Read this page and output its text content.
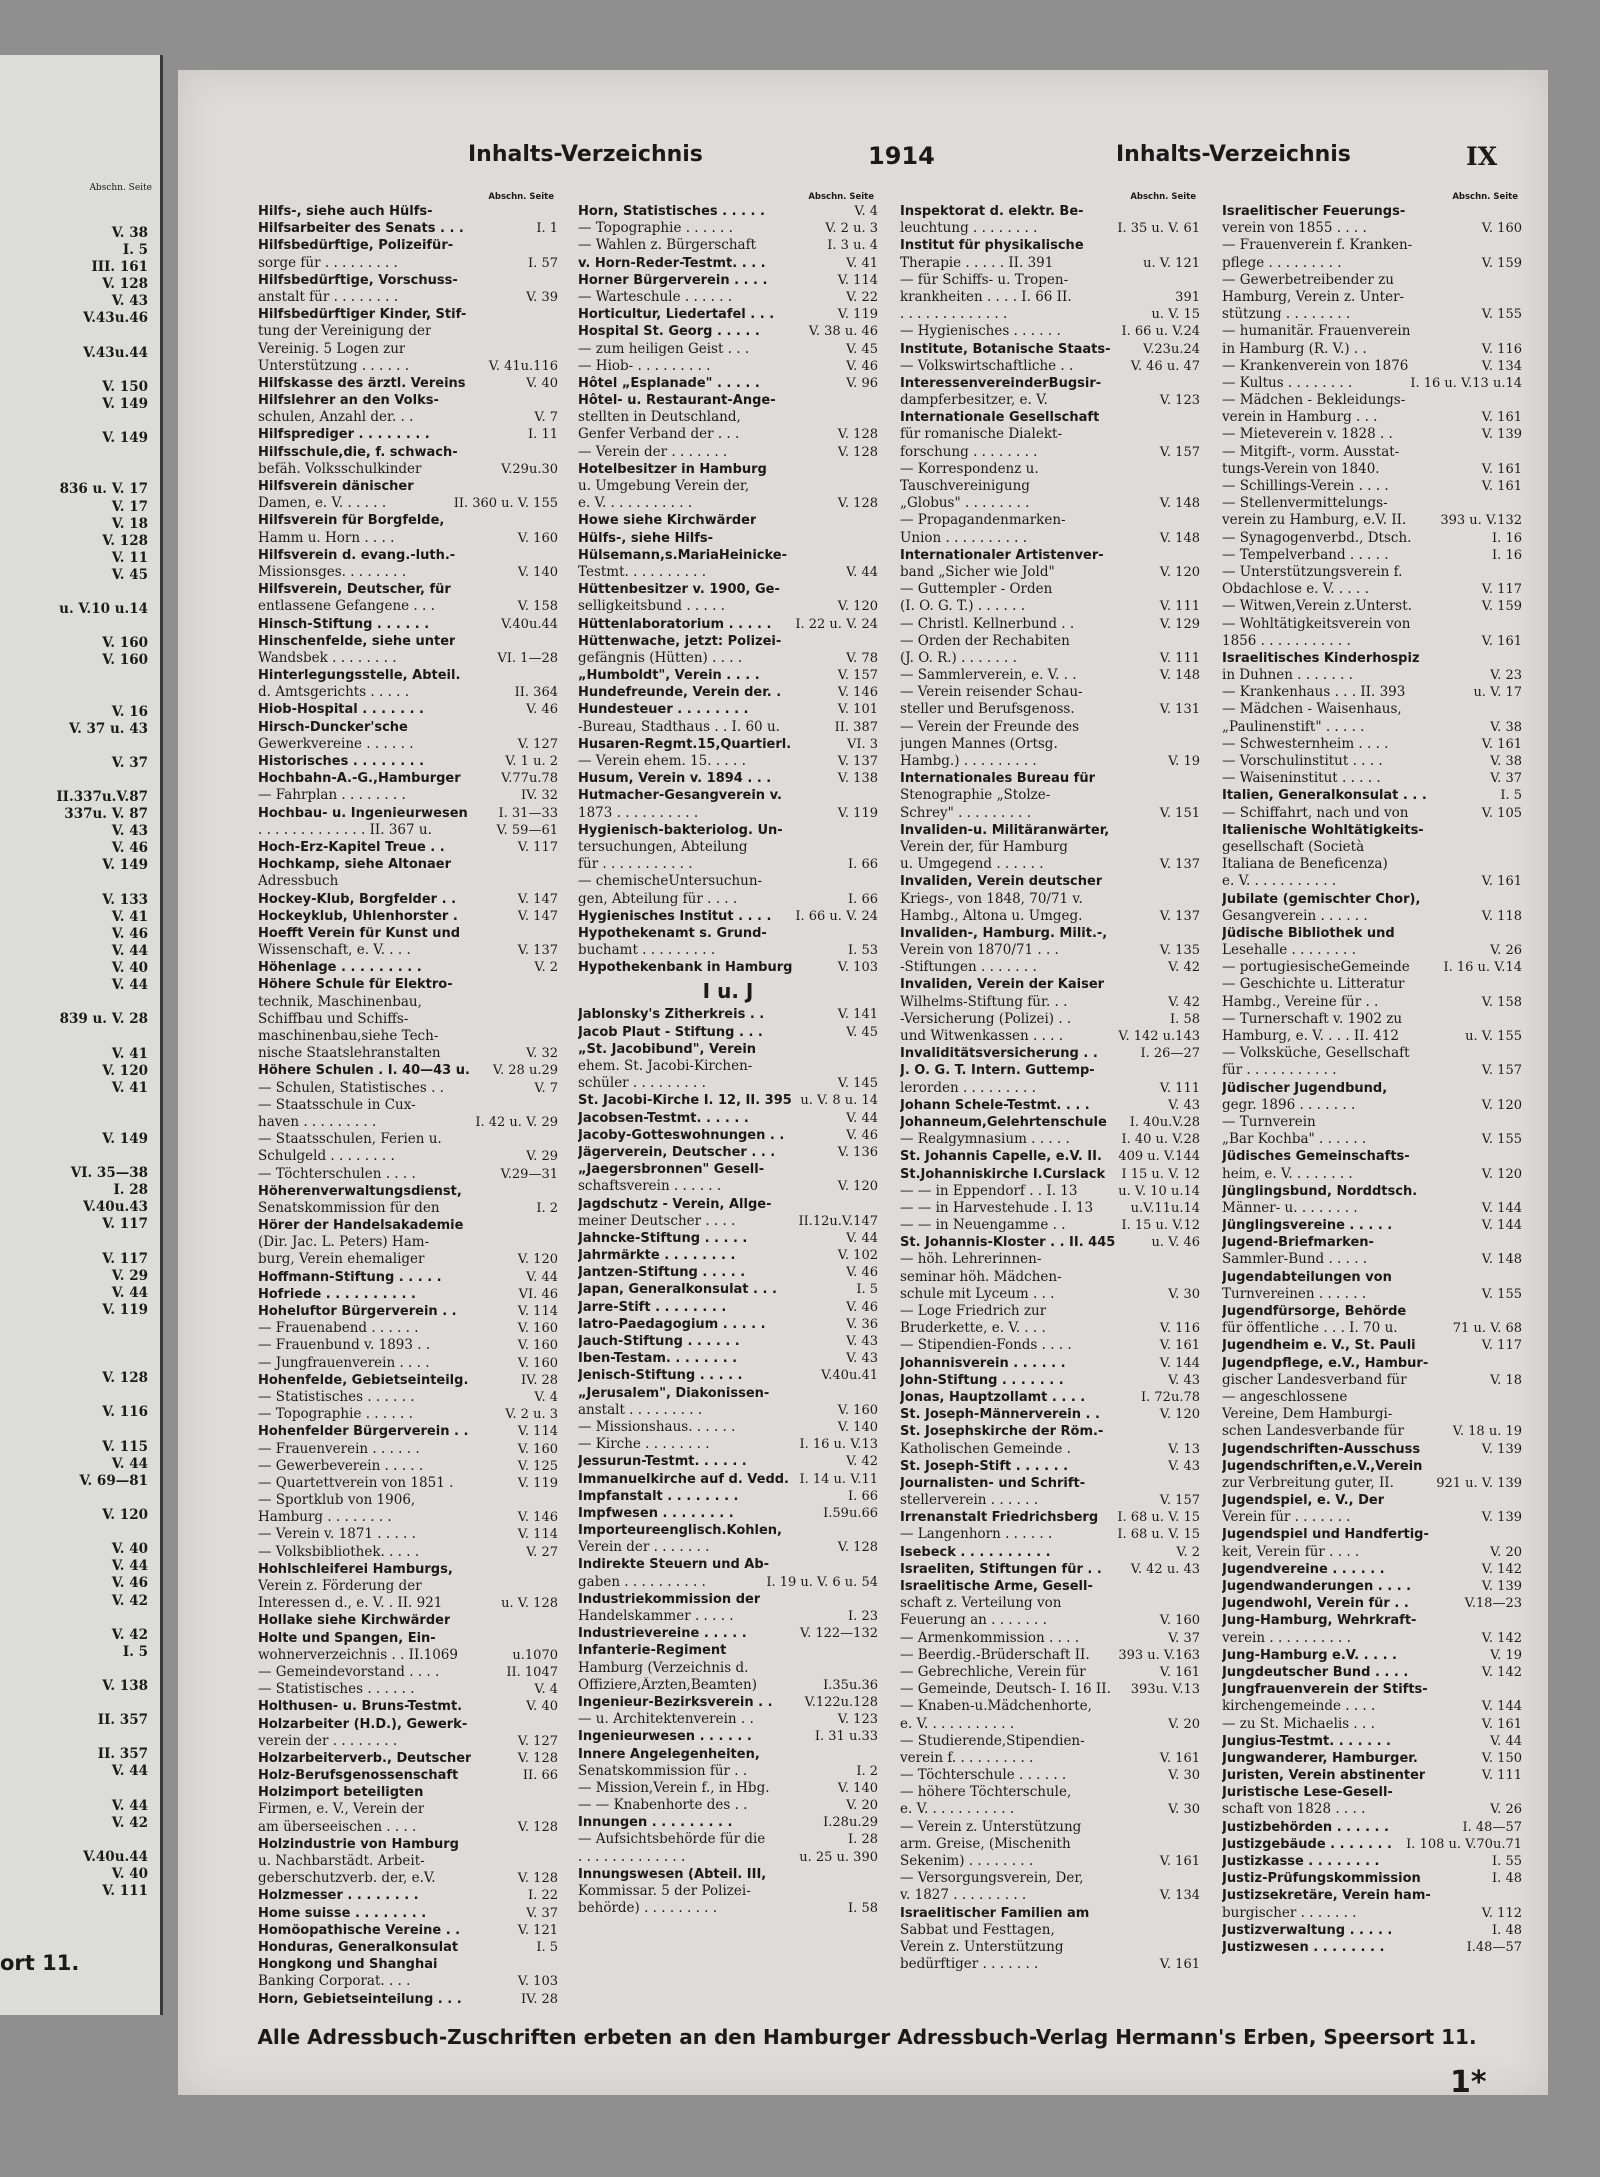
Abschn. Seite
V. 38
I. 5
III. 161
V. 128
V. 43
V.43u.46
V.43u.44
V. 150
V. 149
V. 149
836 u. V. 17
V. 17
V. 18
V. 128
V. 11
V. 45
u. V.10 u.14
V. 160
V. 160
V. 16
V. 37 u. 43
V. 37
II.337u.V.87
337u. V. 87
V. 43
V. 46
V. 149
V. 133
V. 41
V. 46
V. 44
V. 40
V. 44
839 u. V. 28
V. 41
V. 120
V. 41
V. 149
VI. 35—38
I. 28
V.40u.43
V. 117
V. 117
V. 29
V. 44
V. 119
V. 128
V. 116
V. 115
V. 44
V. 69—81
V. 120
V. 40
V. 44
V. 46
V. 42
V. 42
I. 5
V. 138
II. 357
II. 357
V. 44
V. 44
V. 42
V.40u.44
V. 40
V. 111
ort 11.
Inhalts-Verzeichnis	1914	Inhalts-Verzeichnis	IX
Abschn. Seite
Hilfs-, siehe auch Hülfs-
Hilfsarbeiter des Senats . . .	I. 1
Hilfsbedürftige, Polizeifür-
sorge für . . . . . . . . .	I. 57
Hilfsbedürftige, Vorschuss-
anstalt für . . . . . . . .	V. 39
Hilfsbedürftiger Kinder, Stif-
tung der Vereinigung der
Vereinig. 5 Logen zur
Unterstützung . . . . . .	V. 41u.116
Hilfskasse des ärztl. Vereins	V. 40
Hilfslehrer an den Volks-
schulen, Anzahl der. . .	V. 7
Hilfsprediger . . . . . . . .	I. 11
Hilfsschule,die, f. schwach-
befäh. Volksschulkinder	V.29u.30
Hilfsverein dänischer
Damen, e. V. . . . . .	II. 360 u. V. 155
Hilfsverein für Borgfelde,
Hamm u. Horn . . . .	V. 160
Hilfsverein d. evang.-luth.-
Missionsges. . . . . . . .	V. 140
Hilfsverein, Deutscher, für
entlassene Gefangene . . .	V. 158
Hinsch-Stiftung . . . . . .	V.40u.44
Hinschenfelde, siehe unter
Wandsbek . . . . . . . .	VI. 1—28
Hinterlegungsstelle, Abteil.
d. Amtsgerichts . . . . .	II. 364
Hiob-Hospital . . . . . . .	V. 46
Hirsch-Duncker'sche
Gewerkvereine . . . . . .	V. 127
Historisches . . . . . . . .	V. 1 u. 2
Hochbahn-A.-G.,Hamburger	V.77u.78
— Fahrplan . . . . . . . .	IV. 32
Hochbau- u. Ingenieurwesen	I. 31—33
. . . . . . . . . . . . . II. 367 u.	V. 59—61
Hoch-Erz-Kapitel Treue . .	V. 117
Hochkamp, siehe Altonaer
Adressbuch
Hockey-Klub, Borgfelder . .	V. 147
Hockeyklub, Uhlenhorster .	V. 147
Hoefft Verein für Kunst und
Wissenschaft, e. V. . . .	V. 137
Höhenlage . . . . . . . . .	V. 2
Höhere Schule für Elektro-
technik, Maschinenbau,
Schiffbau und Schiffs-
maschinenbau,siehe Tech-
nische Staatslehranstalten	V. 32
Höhere Schulen . I. 40—43 u.	V. 28 u.29
— Schulen, Statistisches . .	V. 7
— Staatsschule in Cux-
haven . . . . . . . . .	I. 42 u. V. 29
— Staatsschulen, Ferien u.
Schulgeld . . . . . . . .	V. 29
— Töchterschulen . . . .	V.29—31
Höherenverwaltungsdienst,
Senatskommission für den	I. 2
Hörer der Handelsakademie
(Dir. Jac. L. Peters) Ham-
burg, Verein ehemaliger	V. 120
Hoffmann-Stiftung . . . . .	V. 44
Hofriede . . . . . . . . . .	VI. 46
Hoheluftor Bürgerverein . .	V. 114
— Frauenabend . . . . . .	V. 160
— Frauenbund v. 1893 . .	V. 160
— Jungfrauenverein . . . .	V. 160
Hohenfelde, Gebietseinteilg.	IV. 28
— Statistisches . . . . . .	V. 4
— Topographie . . . . . .	V. 2 u. 3
Hohenfelder Bürgerverein . .	V. 114
— Frauenverein . . . . . .	V. 160
— Gewerbeverein . . . . .	V. 125
— Quartettverein von 1851 .	V. 119
— Sportklub von 1906,
Hamburg . . . . . . . .	V. 146
— Verein v. 1871 . . . . .	V. 114
— Volksbibliothek. . . . .	V. 27
Hohlschleiferei Hamburgs,
Verein z. Förderung der
Interessen d., e. V. . II. 921	u. V. 128
Hollake siehe Kirchwärder
Holte und Spangen, Ein-
wohnerverzeichnis . . II.1069	u.1070
— Gemeindevorstand . . . .	II. 1047
— Statistisches . . . . . .	V. 4
Holthusen- u. Bruns-Testmt.	V. 40
Holzarbeiter (H.D.), Gewerk-
verein der . . . . . . . .	V. 127
Holzarbeiterverb., Deutscher	V. 128
Holz-Berufsgenossenschaft	II. 66
Holzimport beteiligten
Firmen, e. V., Verein der
am überseeischen . . . .	V. 128
Holzindustrie von Hamburg
u. Nachbarstädt. Arbeit-
geberschutzverb. der, e.V.	V. 128
Holzmesser . . . . . . . .	I. 22
Home suisse . . . . . . . .	V. 37
Homöopathische Vereine . .	V. 121
Honduras, Generalkonsulat	I. 5
Hongkong und Shanghai
Banking Corporat. . . .	V. 103
Horn, Gebietseinteilung . . .	IV. 28
Abschn. Seite
Horn, Statistisches . . . . .	V. 4
— Topographie . . . . . .	V. 2 u. 3
— Wahlen z. Bürgerschaft	I. 3 u. 4
v. Horn-Reder-Testmt. . . .	V. 41
Horner Bürgerverein . . . .	V. 114
— Warteschule . . . . . .	V. 22
Horticultur, Liedertafel . . .	V. 119
Hospital St. Georg . . . . .	V. 38 u. 46
— zum heiligen Geist . . .	V. 45
— Hiob- . . . . . . . . .	V. 46
Hôtel „Esplanade" . . . . .	V. 96
Hôtel- u. Restaurant-Ange-
stellten in Deutschland,
Genfer Verband der . . .	V. 128
— Verein der . . . . . . .	V. 128
Hotelbesitzer in Hamburg
u. Umgebung Verein der,
e. V. . . . . . . . . . .	V. 128
Howe siehe Kirchwärder
Hülfs-, siehe Hilfs-
Hülsemann,s.MariaHeinicke-
Testmt. . . . . . . . . .	V. 44
Hüttenbesitzer v. 1900, Ge-
selligkeitsbund . . . . .	V. 120
Hüttenlaboratorium . . . . .	I. 22 u. V. 24
Hüttenwache, jetzt: Polizei-
gefängnis (Hütten) . . . .	V. 78
„Humboldt", Verein . . . .	V. 157
Hundefreunde, Verein der. .	V. 146
Hundesteuer . . . . . . . .	V. 101
-Bureau, Stadthaus . . I. 60 u.	II. 387
Husaren-Regmt.15,Quartierl.	VI. 3
— Verein ehem. 15. . . . .	V. 137
Husum, Verein v. 1894 . . .	V. 138
Hutmacher-Gesangverein v.
1873 . . . . . . . . . .	V. 119
Hygienisch-bakteriolog. Un-
tersuchungen, Abteilung
für . . . . . . . . . . .	I. 66
— chemischeUntersuchun-
gen, Abteilung für . . . .	I. 66
Hygienisches Institut . . . .	I. 66 u. V. 24
Hypothekenamt s. Grund-
buchamt . . . . . . . . .	I. 53
Hypothekenbank in Hamburg	V. 103
I u. J
Jablonsky's Zitherkreis . .	V. 141
Jacob Plaut - Stiftung . . .	V. 45
„St. Jacobibund", Verein
ehem. St. Jacobi-Kirchen-
schüler . . . . . . . . .	V. 145
St. Jacobi-Kirche I. 12, II. 395 u. V. 8 u. 14
Jacobsen-Testmt. . . . . .	V. 44
Jacoby-Gotteswohnungen . .	V. 46
Jägerverein, Deutscher . . .	V. 136
„Jaegersbronnen" Gesell-
schaftsverein . . . . . .	V. 120
Jagdschutz - Verein, Allge-
meiner Deutscher . . . .	II.12u.V.147
Jahncke-Stiftung . . . . .	V. 44
Jahrmärkte . . . . . . . .	V. 102
Jantzen-Stiftung . . . . .	V. 46
Japan, Generalkonsulat . . .	I. 5
Jarre-Stift . . . . . . . .	V. 46
Iatro-Paedagogium . . . . .	V. 36
Jauch-Stiftung . . . . . .	V. 43
Iben-Testam. . . . . . . .	V. 43
Jenisch-Stiftung . . . . .	V.40u.41
„Jerusalem", Diakonissen-
anstalt . . . . . . . . .	V. 160
— Missionshaus. . . . . .	V. 140
— Kirche . . . . . . . .	I. 16 u. V.13
Jessurun-Testmt. . . . . .	V. 42
Immanuelkirche auf d. Vedd. I. 14 u. V.11
Impfanstalt . . . . . . . .	I. 66
Impfwesen . . . . . . . .	I.59u.66
Importeureenglisch.Kohlen,
Verein der . . . . . . .	V. 128
Indirekte Steuern und Ab-
gaben . . . . . . . . . .	I. 19 u. V. 6 u. 54
Industriekommission der
Handelskammer . . . . .	I. 23
Industrievereine . . . . .	V. 122—132
Infanterie-Regiment
Hamburg (Verzeichnis d.
Offiziere,Ärzten,Beamten)	I.35u.36
Ingenieur-Bezirksverein . .	V.122u.128
— u. Architektenverein . .	V. 123
Ingenieurwesen . . . . . .	I. 31 u.33
Innere Angelegenheiten,
Senatskommission für . .	I. 2
— Mission,Verein f., in Hbg.	V. 140
— — Knabenhorte des . .	V. 20
Innungen . . . . . . . . .	I.28u.29
— Aufsichtsbehörde für die	I. 28
. . . . . . . . . . . . .	u. 25 u. 390
Innungswesen (Abteil. III,
Kommissar. 5 der Polizei-
behörde) . . . . . . . . .	I. 58
Abschn. Seite
Inspektorat d. elektr. Be-
leuchtung . . . . . . . .	I. 35 u. V. 61
Institut für physikalische
Therapie . . . . . II. 391	u. V. 121
— für Schiffs- u. Tropen-
krankheiten . . . . I. 66 II.	391
. . . . . . . . . . . . .	u. V. 15
— Hygienisches . . . . . .	I. 66 u. V.24
Institute, Botanische Staats-	V.23u.24
— Volkswirtschaftliche . .	V. 46 u. 47
InteressenvereinderBugsir-
dampferbesitzer, e. V.	V. 123
Internationale Gesellschaft
für romanische Dialekt-
forschung . . . . . . . .	V. 157
— Korrespondenz u.
Tauschvereinigung
„Globus" . . . . . . . .	V. 148
— Propagandenmarken-
Union . . . . . . . . . .	V. 148
Internationaler Artistenver-
band „Sicher wie Jold"	V. 120
— Guttempler - Orden
(I. O. G. T.) . . . . . .	V. 111
— Christl. Kellnerbund . .	V. 129
— Orden der Rechabiten
(J. O. R.) . . . . . . .	V. 111
— Sammlerverein, e. V. . .	V. 148
— Verein reisender Schau-
steller und Berufsgenoss.	V. 131
— Verein der Freunde des
jungen Mannes (Ortsg.
Hambg.) . . . . . . . . .	V. 19
Internationales Bureau für
Stenographie „Stolze-
Schrey" . . . . . . . . .	V. 151
Invaliden-u. Militäranwärter,
Verein der, für Hamburg
u. Umgegend . . . . . .	V. 137
Invaliden, Verein deutscher
Kriegs-, von 1848, 70/71 v.
Hambg., Altona u. Umgeg.	V. 137
Invaliden-, Hamburg. Milit.-,
Verein von 1870/71 . . .	V. 135
-Stiftungen . . . . . . .	V. 42
Invaliden, Verein der Kaiser
Wilhelms-Stiftung für. . .	V. 42
-Versicherung (Polizei) . .	I. 58
und Witwenkassen . . . .	V. 142 u.143
Invaliditätsversicherung . .	I. 26—27
J. O. G. T. Intern. Guttemp-
lerorden . . . . . . . . .	V. 111
Johann Schele-Testmt. . . .	V. 43
Johanneum,Gelehrtenschule	I. 40u.V.28
— Realgymnasium . . . . .	I. 40 u. V.28
St. Johannis Capelle, e.V. II.	409 u. V.144
St.Johanniskirche I.Curslack	I 15 u. V. 12
— — in Eppendorf . . I. 13	u. V. 10 u.14
— — in Harvestehude . I. 13	u.V.11u.14
— — in Neuengamme . .	I. 15 u. V.12
St. Johannis-Kloster . . II. 445	u. V. 46
— höh. Lehrerinnen-
seminar höh. Mädchen-
schule mit Lyceum . . .	V. 30
— Loge Friedrich zur
Bruderkette, e. V. . . .	V. 116
— Stipendien-Fonds . . . .	V. 161
Johannisverein . . . . . .	V. 144
John-Stiftung . . . . . . .	V. 43
Jonas, Hauptzollamt . . . .	I. 72u.78
St. Joseph-Männerverein . .	V. 120
St. Josephskirche der Röm.-
Katholischen Gemeinde .	V. 13
St. Joseph-Stift . . . . . .	V. 43
Journalisten- und Schrift-
stellerverein . . . . . .	V. 157
Irrenanstalt Friedrichsberg	I. 68 u. V. 15
— Langenhorn . . . . . .	I. 68 u. V. 15
Isebeck . . . . . . . . . .	V. 2
Israeliten, Stiftungen für . .	V. 42 u. 43
Israelitische Arme, Gesell-
schaft z. Verteilung von
Feuerung an . . . . . . .	V. 160
— Armenkommission . . . .	V. 37
— Beerdig.-Brüderschaft II.	393 u. V.163
— Gebrechliche, Verein für	V. 161
— Gemeinde, Deutsch- I. 16 II.	393u. V.13
— Knaben-u.Mädchenhorte,
e. V. . . . . . . . . . .	V. 20
— Studierende,Stipendien-
verein f. . . . . . . . . .	V. 161
— Töchterschule . . . . . .	V. 30
— höhere Töchterschule,
e. V. . . . . . . . . . .	V. 30
— Verein z. Unterstützung
arm. Greise, (Mischenith
Sekenim) . . . . . . . .	V. 161
— Versorgungsverein, Der,
v. 1827 . . . . . . . . .	V. 134
Israelitischer Familien am
Sabbat und Festtagen,
Verein z. Unterstützung
bedürftiger . . . . . . .	V. 161
Abschn. Seite
Israelitischer Feuerungs-
verein von 1855 . . . .	V. 160
— Frauenverein f. Kranken-
pflege . . . . . . . . .	V. 159
— Gewerbetreibender zu
Hamburg, Verein z. Unter-
stützung . . . . . . . .	V. 155
— humanitär. Frauenverein
in Hamburg (R. V.) . .	V. 116
— Krankenverein von 1876	V. 134
— Kultus . . . . . . . .	I. 16 u. V.13 u.14
— Mädchen - Bekleidungs-
verein in Hamburg . . .	V. 161
— Mieteverein v. 1828 . .	V. 139
— Mitgift-, vorm. Ausstat-
tungs-Verein von 1840.	V. 161
— Schillings-Verein . . . .	V. 161
— Stellenvermittelungs-
verein zu Hamburg, e.V. II.	393 u. V.132
— Synagogenverbd., Dtsch.	I. 16
— Tempelverband . . . . .	I. 16
— Unterstützungsverein f.
Obdachlose e. V. . . . .	V. 117
— Witwen,Verein z.Unterst.	V. 159
— Wohltätigkeitsverein von
1856 . . . . . . . . . . .	V. 161
Israelitisches Kinderhospiz
in Duhnen . . . . . . .	V. 23
— Krankenhaus . . . II. 393	u. V. 17
— Mädchen - Waisenhaus,
„Paulinenstift" . . . . .	V. 38
— Schwesternheim . . . .	V. 161
— Vorschulinstitut . . . .	V. 38
— Waiseninstitut . . . . .	V. 37
Italien, Generalkonsulat . . .	I. 5
— Schiffahrt, nach und von	V. 105
Italienische Wohltätigkeits-
gesellschaft (Società
Italiana de Beneficenza)
e. V. . . . . . . . . . .	V. 161
Jubilate (gemischter Chor),
Gesangverein . . . . . .	V. 118
Jüdische Bibliothek und
Lesehalle . . . . . . . .	V. 26
— portugiesischeGemeinde	I. 16 u. V.14
— Geschichte u. Litteratur
Hambg., Vereine für . .	V. 158
— Turnerschaft v. 1902 zu
Hamburg, e. V. . . . II. 412	u. V. 155
— Volksküche, Gesellschaft
für . . . . . . . . . . .	V. 157
Jüdischer Jugendbund,
gegr. 1896 . . . . . . .	V. 120
— Turnverein
„Bar Kochba" . . . . . .	V. 155
Jüdisches Gemeinschafts-
heim, e. V. . . . . . . .	V. 120
Jünglingsbund, Norddtsch.
Männer- u. . . . . . . .	V. 144
Jünglingsvereine . . . . .	V. 144
Jugend-Briefmarken-
Sammler-Bund . . . . .	V. 148
Jugendabteilungen von
Turnvereinen . . . . . .	V. 155
Jugendfürsorge, Behörde
für öffentliche . . . I. 70 u.	71 u. V. 68
Jugendheim e. V., St. Pauli	V. 117
Jugendpflege, e.V., Hambur-
gischer Landesverband für	V. 18
— angeschlossene
Vereine, Dem Hamburgi-
schen Landesverbande für	V. 18 u. 19
Jugendschriften-Ausschuss	V. 139
Jugendschriften,e.V.,Verein
zur Verbreitung guter, II.	921 u. V. 139
Jugendspiel, e. V., Der
Verein für . . . . . . .	V. 139
Jugendspiel und Handfertig-
keit, Verein für . . . .	V. 20
Jugendvereine . . . . . .	V. 142
Jugendwanderungen . . . .	V. 139
Jugendwohl, Verein für . .	V.18—23
Jung-Hamburg, Wehrkraft-
verein . . . . . . . . . .	V. 142
Jung-Hamburg e.V. . . . .	V. 19
Jungdeutscher Bund . . . .	V. 142
Jungfrauenverein der Stifts-
kirchengemeinde . . . .	V. 144
— zu St. Michaelis . . .	V. 161
Jungius-Testmt. . . . . . .	V. 44
Jungwanderer, Hamburger.	V. 150
Juristen, Verein abstinenter	V. 111
Juristische Lese-Gesell-
schaft von 1828 . . . .	V. 26
Justizbehörden . . . . . .	I. 48—57
Justizgebäude . . . . . . .	I. 108 u. V.70u.71
Justizkasse . . . . . . . .	I. 55
Justiz-Prüfungskommission	I. 48
Justizsekretäre, Verein ham-
burgischer . . . . . . .	V. 112
Justizverwaltung . . . . .	I. 48
Justizwesen . . . . . . . .	I.48—57
Alle Adressbuch-Zuschriften erbeten an den Hamburger Adressbuch-Verlag Hermann's Erben, Speersort 11.
1*
